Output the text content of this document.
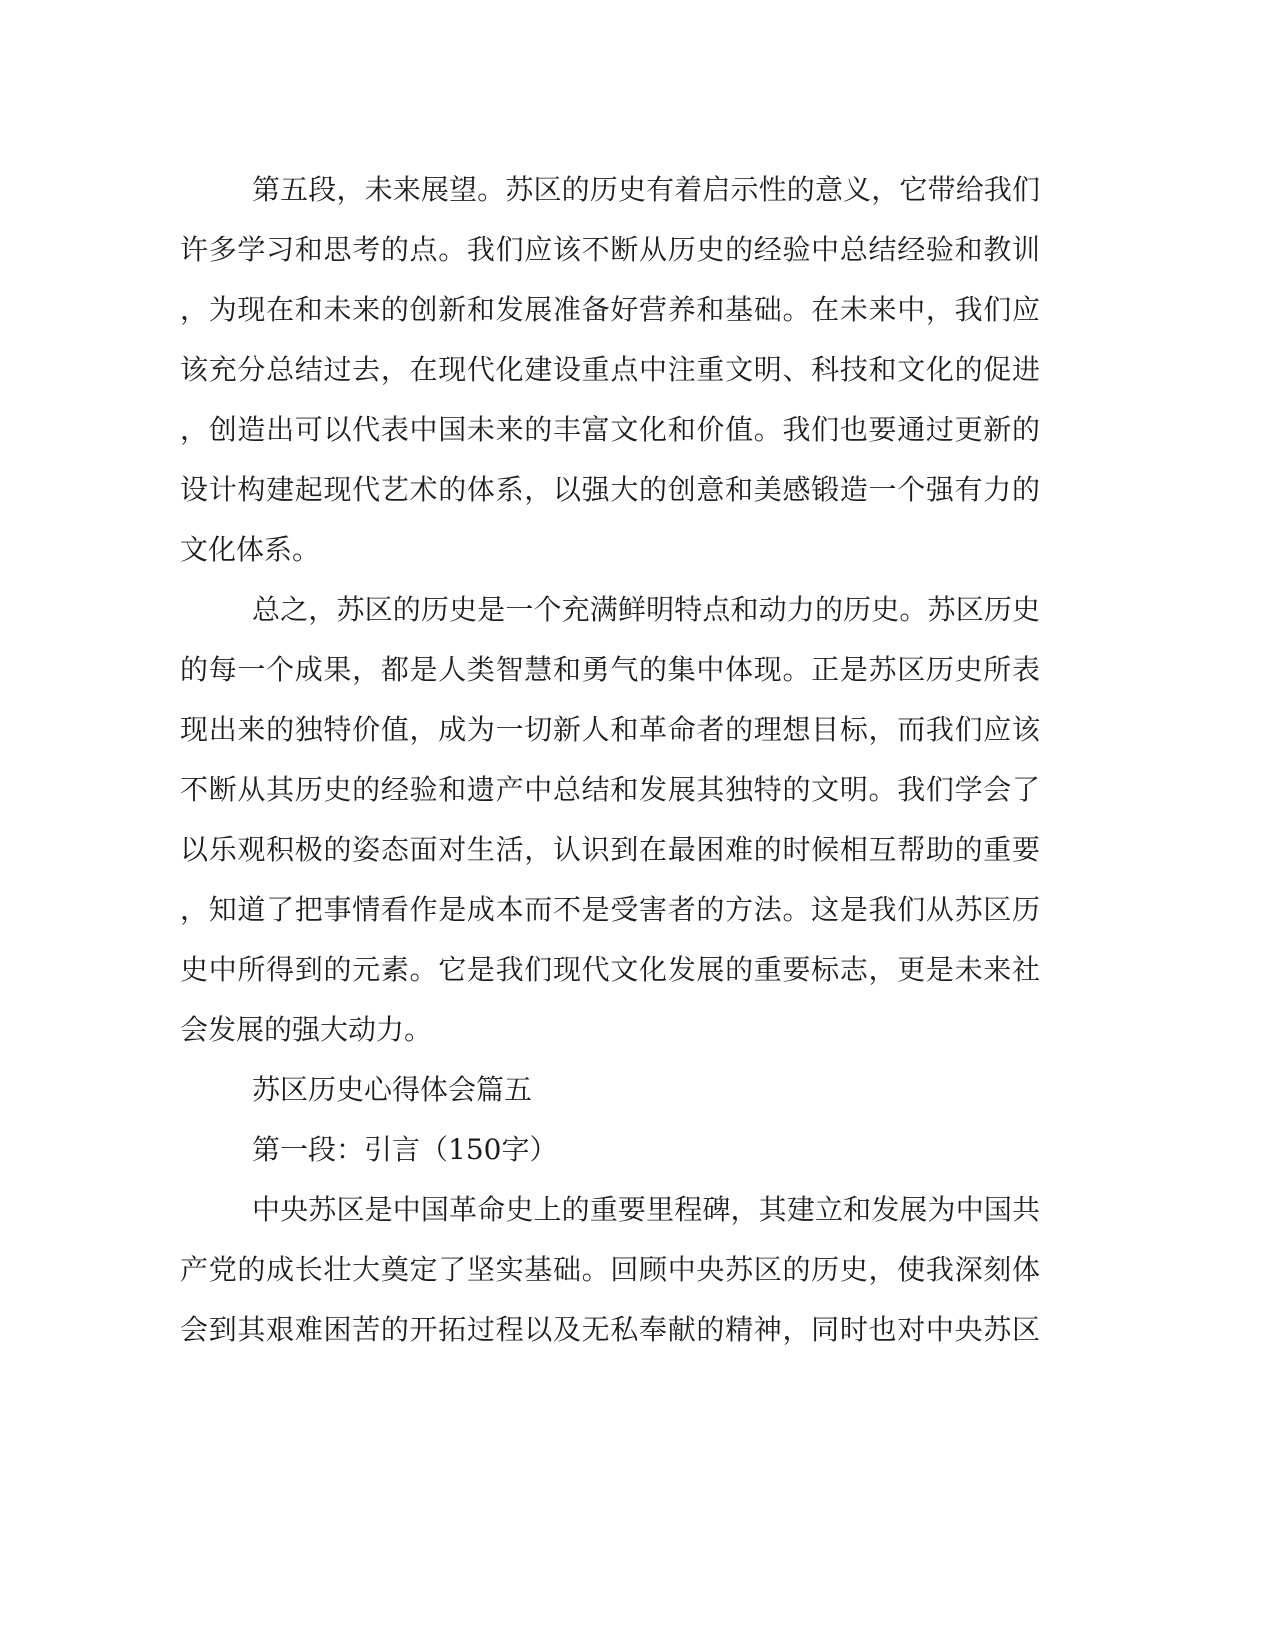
第五段，未来展望。苏区的历史有着启示性的意义，它带给我们
许多学习和思考的点。我们应该不断从历史的经验中总结经验和教训
，为现在和未来的创新和发展准备好营养和基础。在未来中，我们应
该充分总结过去，在现代化建设重点中注重文明、科技和文化的促进
，创造出可以代表中国未来的丰富文化和价值。我们也要通过更新的
设计构建起现代艺术的体系，以强大的创意和美感锻造一个强有力的
文化体系。
总之，苏区的历史是一个充满鲜明特点和动力的历史。苏区历史
的每一个成果，都是人类智慧和勇气的集中体现。正是苏区历史所表
现出来的独特价值，成为一切新人和革命者的理想目标，而我们应该
不断从其历史的经验和遗产中总结和发展其独特的文明。我们学会了
以乐观积极的姿态面对生活，认识到在最困难的时候相互帮助的重要
，知道了把事情看作是成本而不是受害者的方法。这是我们从苏区历
史中所得到的元素。它是我们现代文化发展的重要标志，更是未来社
会发展的强大动力。
苏区历史心得体会篇五
第一段：引言（150字）
中央苏区是中国革命史上的重要里程碑，其建立和发展为中国共
产党的成长壮大奠定了坚实基础。回顾中央苏区的历史，使我深刻体
会到其艰难困苦的开拓过程以及无私奉献的精神，同时也对中央苏区
